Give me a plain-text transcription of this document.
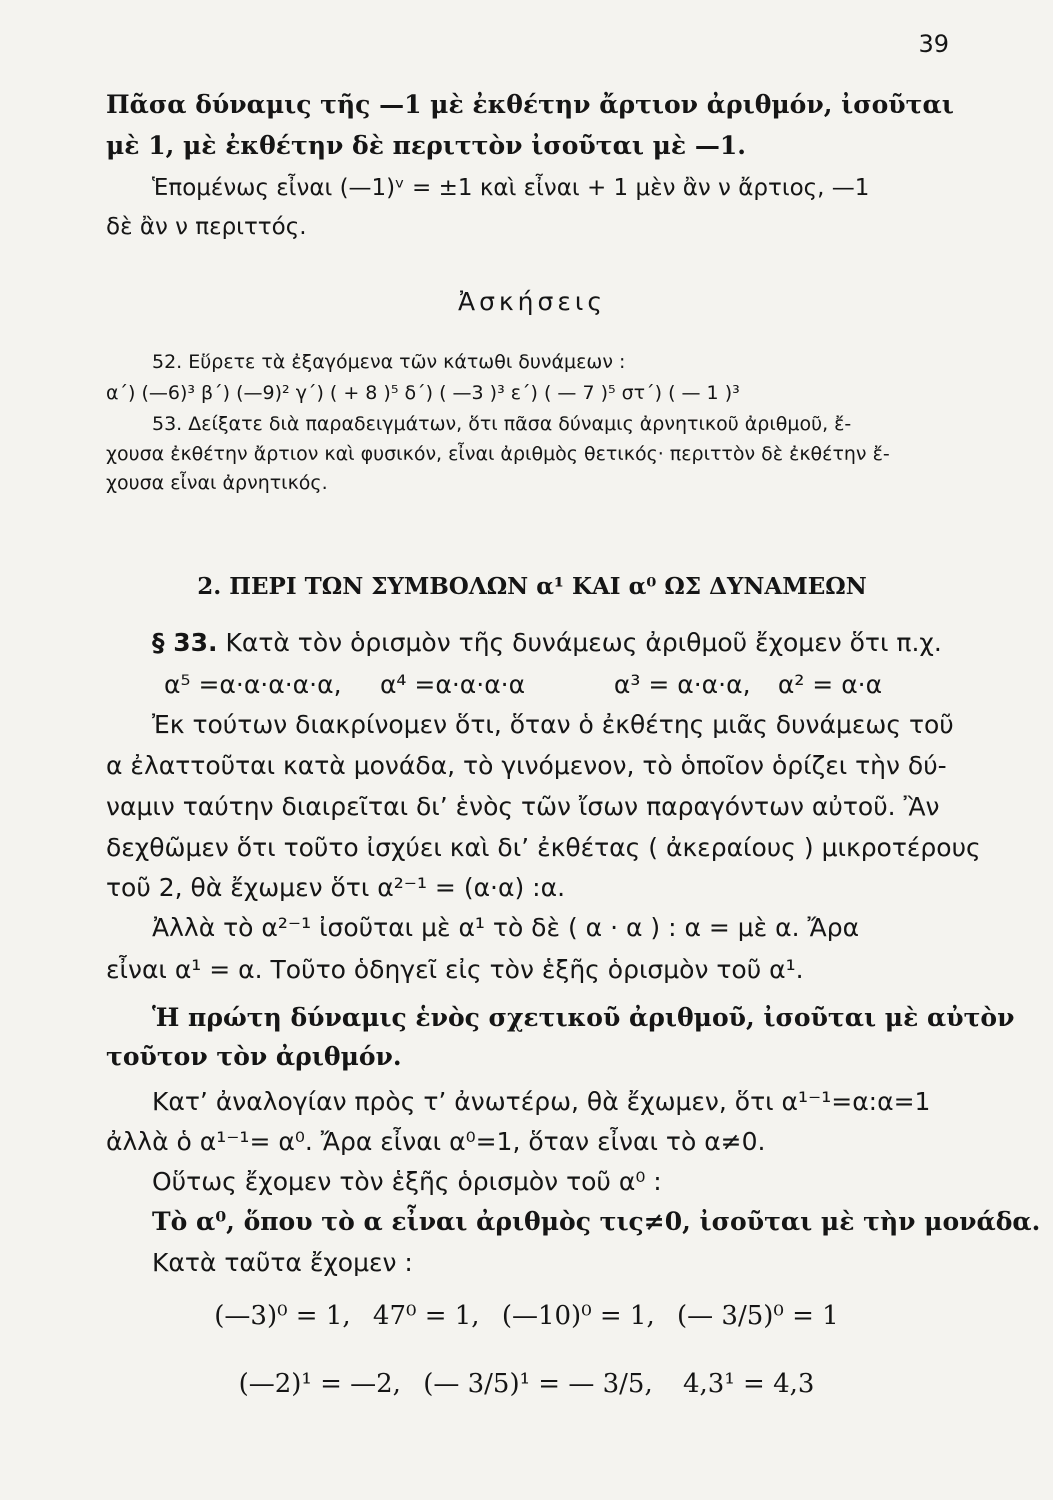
39
Πᾶσα δύναμις τῆς —1 μὲ ἐκθέτην ἄρτιον ἀριθμόν, ἰσοῦται
μὲ 1, μὲ ἐκθέτην δὲ περιττὸν ἰσοῦται μὲ —1.
Ἑπομένως εἶναι (—1)ᵛ = ±1 καὶ εἶναι + 1 μὲν ἂν ν ἄρτιος, —1
δὲ ἂν ν περιττός.
Ἀσκήσεις
52. Εὕρετε τὰ ἐξαγόμενα τῶν κάτωθι δυνάμεων :
α΄) (—6)³ β΄) (—9)² γ΄) ( + 8 )⁵ δ΄) ( —3 )³ ε΄) ( — 7 )⁵ στ΄) ( — 1 )³
53. Δείξατε διὰ παραδειγμάτων, ὅτι πᾶσα δύναμις ἀρνητικοῦ ἀριθμοῦ, ἔ-
χουσα ἐκθέτην ἄρτιον καὶ φυσικόν, εἶναι ἀριθμὸς θετικός· περιττὸν δὲ ἐκθέτην ἔ-
χουσα εἶναι ἀρνητικός.
2. ΠΕΡΙ ΤΩΝ ΣΥΜΒΟΛΩΝ α¹ ΚΑΙ α⁰ ΩΣ ΔΥΝΑΜΕΩΝ
§ 33. Κατὰ τὸν ὁρισμὸν τῆς δυνάμεως ἀριθμοῦ ἔχομεν ὅτι π.χ.
α⁵ =α·α·α·α·α, α⁴ =α·α·α·α	α³ = α·α·α, α² = α·α
Ἐκ τούτων διακρίνομεν ὅτι, ὅταν ὁ ἐκθέτης μιᾶς δυνάμεως τοῦ
α ἐλαττοῦται κατὰ μονάδα, τὸ γινόμενον, τὸ ὁποῖον ὁρίζει τὴν δύ-
ναμιν ταύτην διαιρεῖται δι’ ἑνὸς τῶν ἴσων παραγόντων αὐτοῦ. Ἂν
δεχθῶμεν ὅτι τοῦτο ἰσχύει καὶ δι’ ἐκθέτας ( ἀκεραίους ) μικροτέρους
τοῦ 2, θὰ ἔχωμεν ὅτι α²⁻¹ = (α·α) :α.
Ἀλλὰ τὸ α²⁻¹ ἰσοῦται μὲ α¹ τὸ δὲ ( α · α ) : α = μὲ α. Ἄρα
εἶναι α¹ = α. Τοῦτο ὁδηγεῖ εἰς τὸν ἑξῆς ὁρισμὸν τοῦ α¹.
Ἡ πρώτη δύναμις ἑνὸς σχετικοῦ ἀριθμοῦ, ἰσοῦται μὲ αὐτὸν
τοῦτον τὸν ἀριθμόν.
Κατ’ ἀναλογίαν πρὸς τ’ ἀνωτέρω, θὰ ἔχωμεν, ὅτι α¹⁻¹=α:α=1
ἀλλὰ ὁ α¹⁻¹= α⁰. Ἄρα εἶναι α⁰=1, ὅταν εἶναι τὸ α≠0.
Οὕτως ἔχομεν τὸν ἑξῆς ὁρισμὸν τοῦ α⁰ :
Τὸ α⁰, ὅπου τὸ α εἶναι ἀριθμὸς τις≠0, ἰσοῦται μὲ τὴν μονάδα.
Κατὰ ταῦτα ἔχομεν :
(—3)⁰ = 1, 47⁰ = 1, (—10)⁰ = 1, (— 3/5)⁰ = 1
(—2)¹ = —2, (— 3/5)¹ = — 3/5, 4,3¹ = 4,3
